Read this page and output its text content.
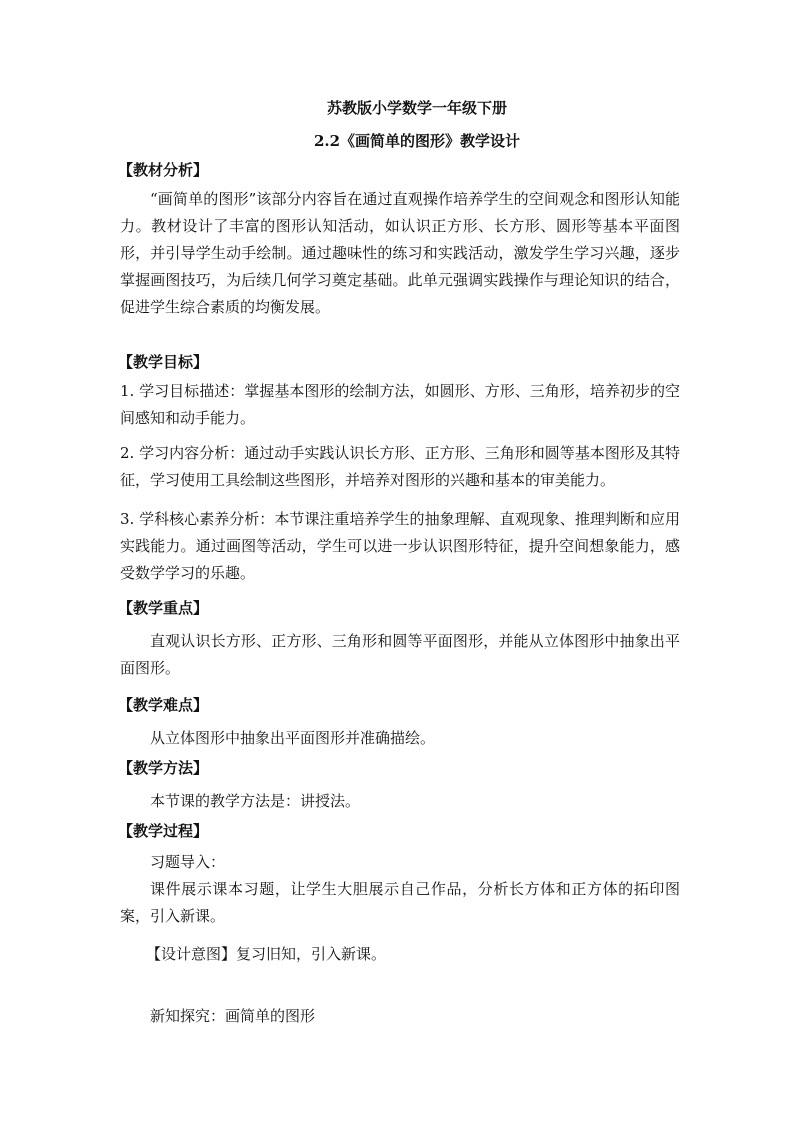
苏教版小学数学一年级下册
2.2《画简单的图形》教学设计
【教材分析】

“画简单的图形”该部分内容旨在通过直观操作培养学生的空间观念和图形认知能力。教材设计了丰富的图形认知活动，如认识正方形、长方形、圆形等基本平面图形，并引导学生动手绘制。通过趣味性的练习和实践活动，激发学生学习兴趣，逐步掌握画图技巧，为后续几何学习奠定基础。此单元强调实践操作与理论知识的结合，促进学生综合素质的均衡发展。

【教学目标】

1. 学习目标描述：掌握基本图形的绘制方法，如圆形、方形、三角形，培养初步的空间感知和动手能力。

2. 学习内容分析：通过动手实践认识长方形、正方形、三角形和圆等基本图形及其特征，学习使用工具绘制这些图形，并培养对图形的兴趣和基本的审美能力。

3. 学科核心素养分析：本节课注重培养学生的抽象理解、直观现象、推理判断和应用实践能力。通过画图等活动，学生可以进一步认识图形特征，提升空间想象能力，感受数学学习的乐趣。

【教学重点】

直观认识长方形、正方形、三角形和圆等平面图形，并能从立体图形中抽象出平面图形。

【教学难点】
从立体图形中抽象出平面图形并准确描绘。
【教学方法】
本节课的教学方法是：讲授法。
【教学过程】
习题导入：

课件展示课本习题，让学生大胆展示自己作品，分析长方体和正方体的拓印图案，引入新课。

【设计意图】复习旧知，引入新课。
新知探究：画简单的图形
